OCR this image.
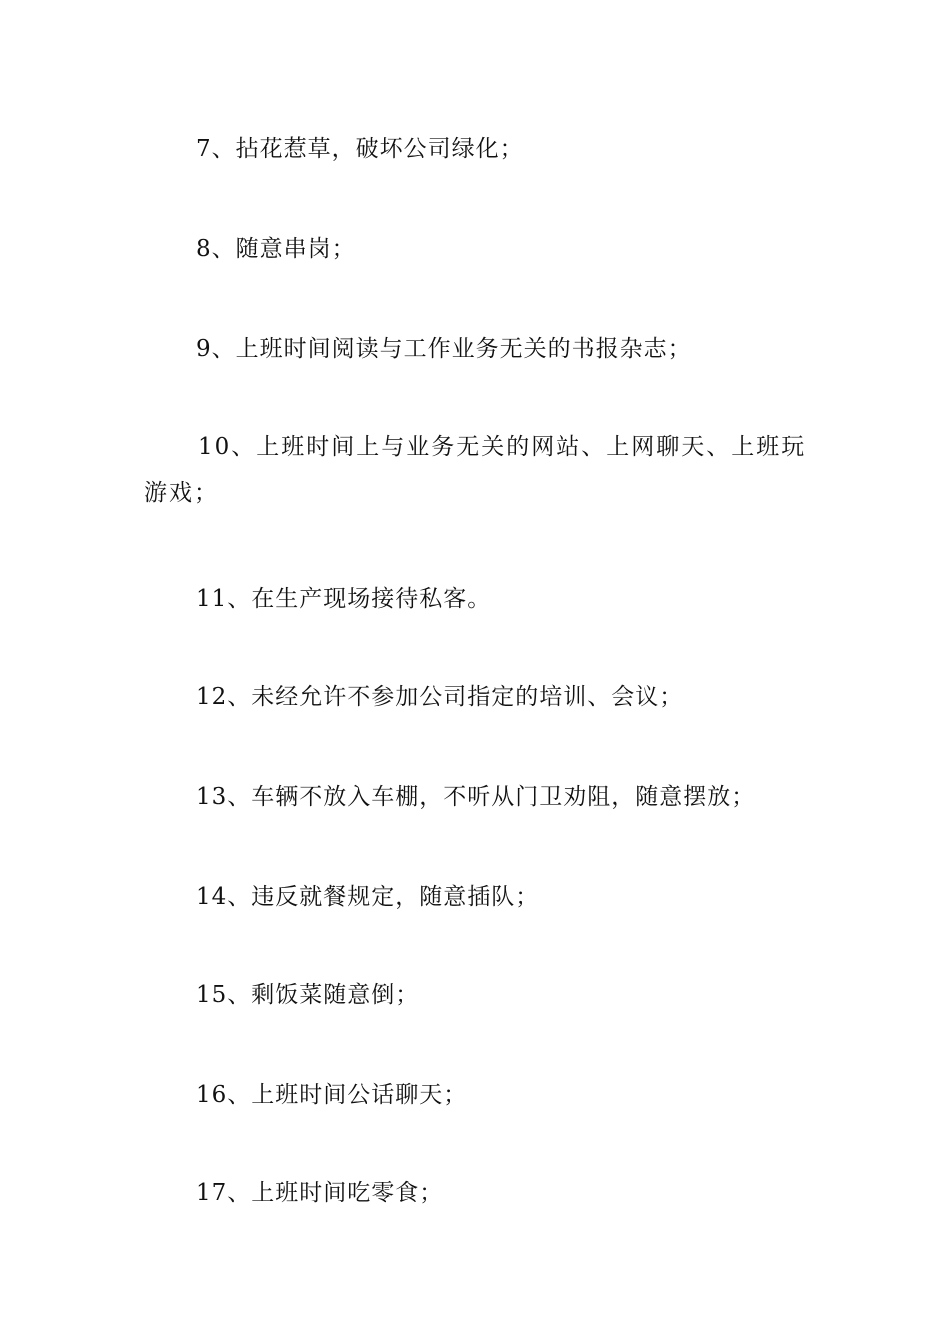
7、拈花惹草，破坏公司绿化；

8、随意串岗；

9、上班时间阅读与工作业务无关的书报杂志；

10、上班时间上与业务无关的网站、上网聊天、上班玩游戏；

11、在生产现场接待私客。

12、未经允许不参加公司指定的培训、会议；

13、车辆不放入车棚，不听从门卫劝阻，随意摆放；

14、违反就餐规定，随意插队；

15、剩饭菜随意倒；

16、上班时间公话聊天；

17、上班时间吃零食；
